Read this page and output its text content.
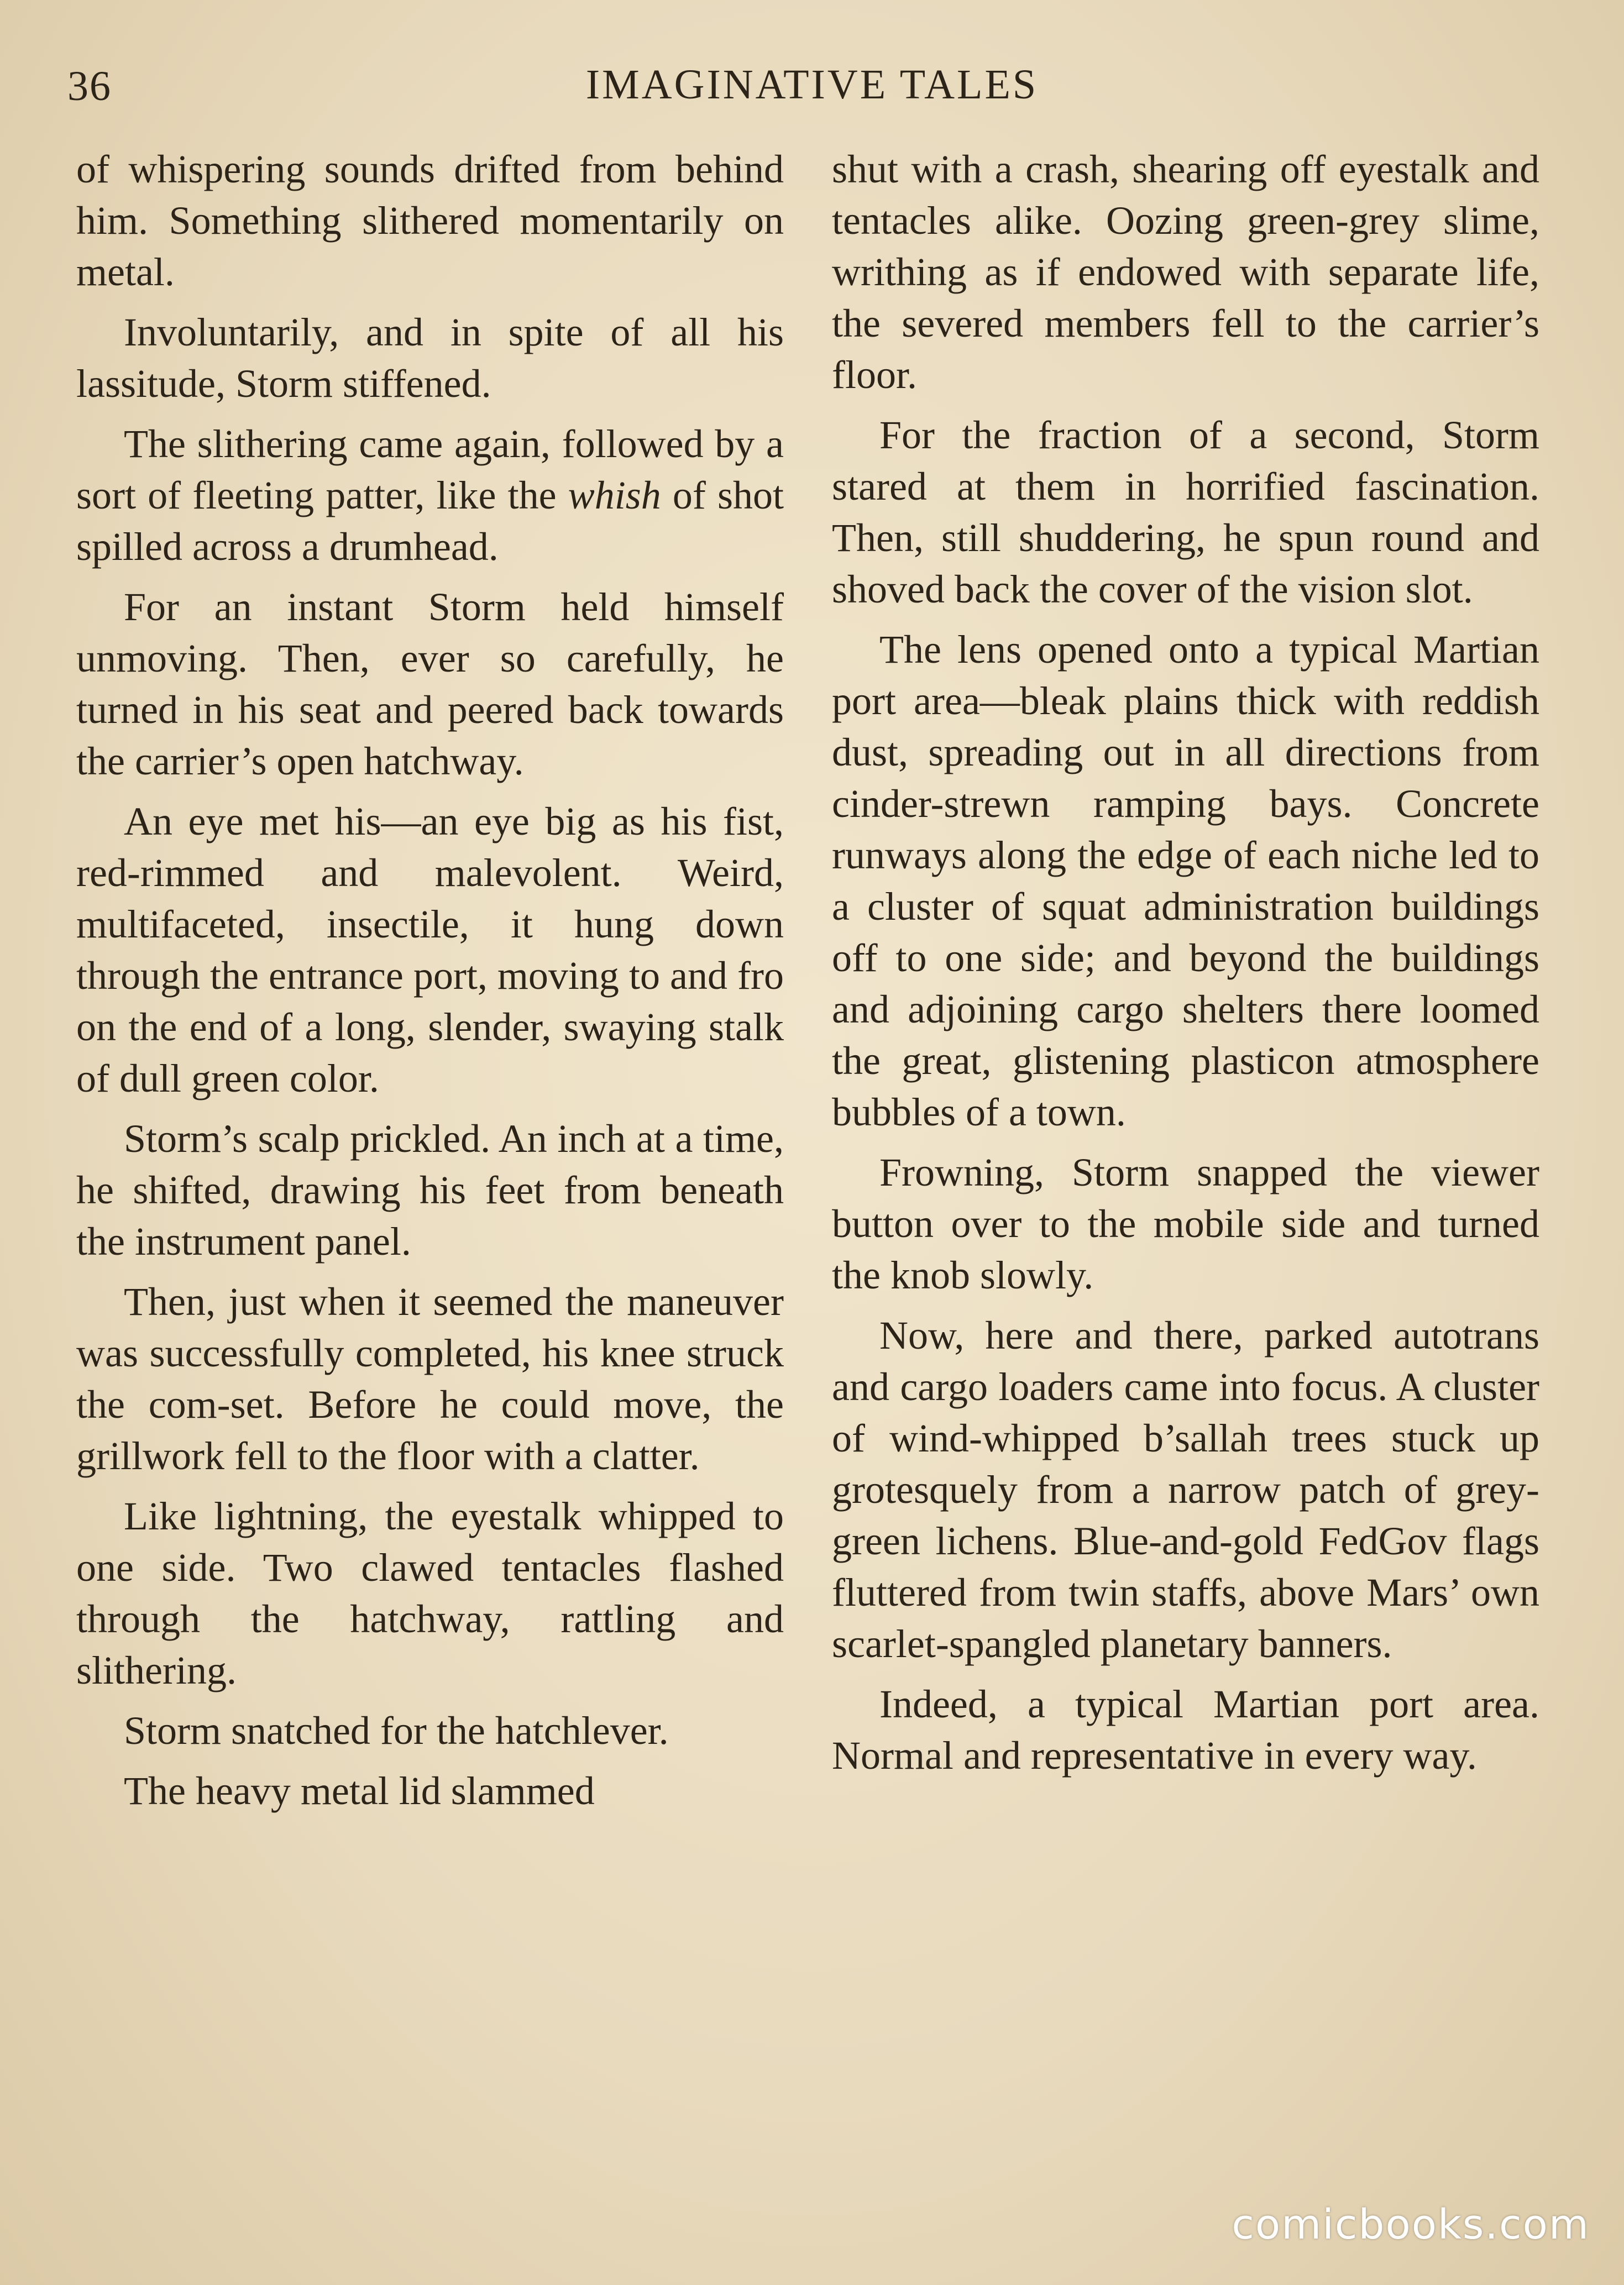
36	IMAGINATIVE TALES

of whispering sounds drifted from behind him. Something slithered momentarily on metal.

Involuntarily, and in spite of all his lassitude, Storm stiffened.

The slithering came again, followed by a sort of fleeting patter, like the whish of shot spilled across a drumhead.

For an instant Storm held himself unmoving. Then, ever so carefully, he turned in his seat and peered back towards the carrier’s open hatchway.

An eye met his—an eye big as his fist, red-rimmed and malevolent. Weird, multifaceted, insectile, it hung down through the entrance port, moving to and fro on the end of a long, slender, swaying stalk of dull green color.

Storm’s scalp prickled. An inch at a time, he shifted, drawing his feet from beneath the instrument panel.

Then, just when it seemed the maneuver was successfully completed, his knee struck the com-set. Before he could move, the grillwork fell to the floor with a clatter.

Like lightning, the eyestalk whipped to one side. Two clawed tentacles flashed through the hatchway, rattling and slithering.

Storm snatched for the hatchlever.

The heavy metal lid slammed

shut with a crash, shearing off eyestalk and tentacles alike. Oozing green-grey slime, writhing as if endowed with separate life, the severed members fell to the carrier’s floor.

For the fraction of a second, Storm stared at them in horrified fascination. Then, still shuddering, he spun round and shoved back the cover of the vision slot.

The lens opened onto a typical Martian port area—bleak plains thick with reddish dust, spreading out in all directions from cinder-strewn ramping bays. Concrete runways along the edge of each niche led to a cluster of squat administration buildings off to one side; and beyond the buildings and adjoining cargo shelters there loomed the great, glistening plasticon atmosphere bubbles of a town.

Frowning, Storm snapped the viewer button over to the mobile side and turned the knob slowly.

Now, here and there, parked autotrans and cargo loaders came into focus. A cluster of wind-whipped b’sallah trees stuck up grotesquely from a narrow patch of grey-green lichens. Blue-and-gold FedGov flags fluttered from twin staffs, above Mars’ own scarlet-spangled planetary banners.

Indeed, a typical Martian port area. Normal and representative in every way.

comicbooks.com
